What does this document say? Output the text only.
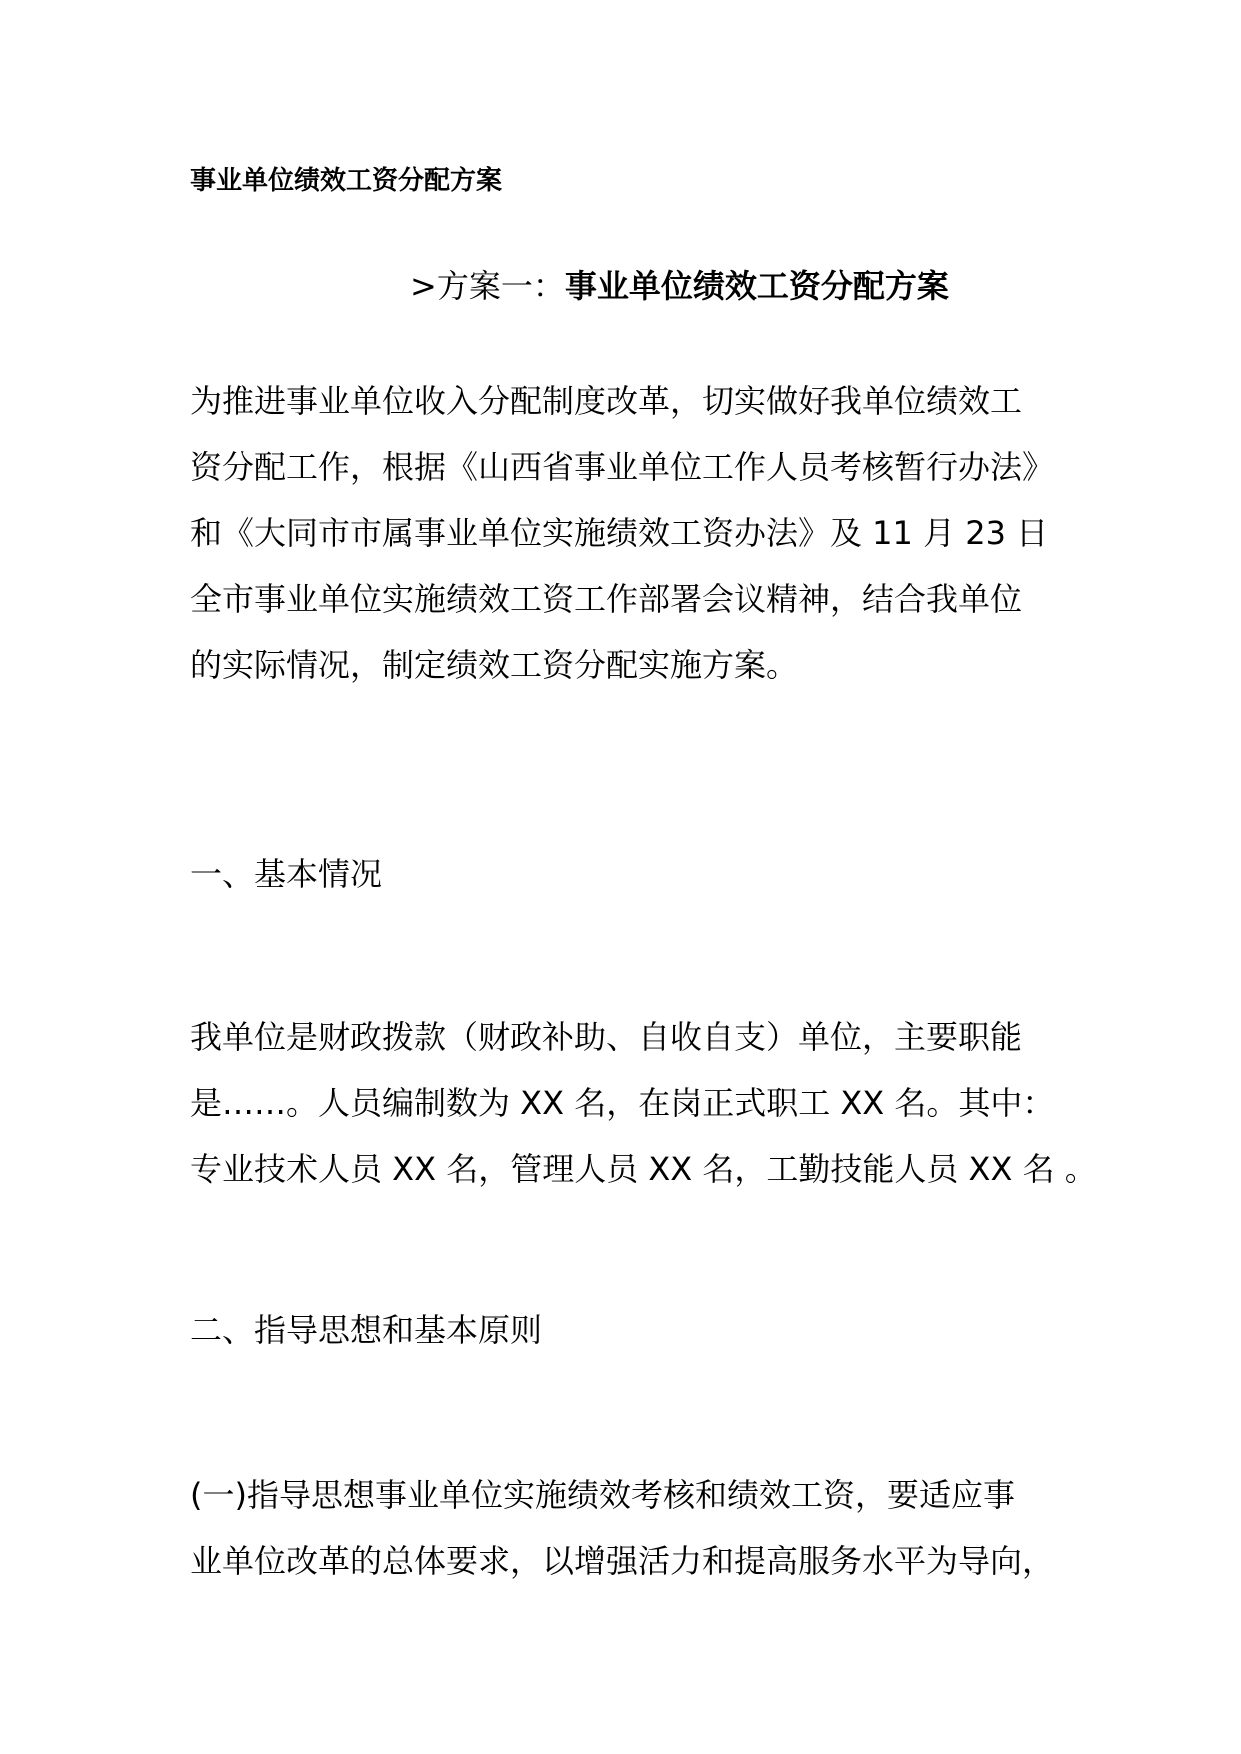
事业单位绩效工资分配方案
>方案一：事业单位绩效工资分配方案
为推进事业单位收入分配制度改革，切实做好我单位绩效工
资分配工作，根据《山西省事业单位工作人员考核暂行办法》
和《大同市市属事业单位实施绩效工资办法》及 11 月 23 日
全市事业单位实施绩效工资工作部署会议精神，结合我单位
的实际情况，制定绩效工资分配实施方案。
一、基本情况
我单位是财政拨款（财政补助、自收自支）单位，主要职能
是……。人员编制数为 XX 名，在岗正式职工 XX 名。其中：
专业技术人员 XX 名，管理人员 XX 名，工勤技能人员 XX 名 。
二、指导思想和基本原则
(一)指导思想事业单位实施绩效考核和绩效工资，要适应事
业单位改革的总体要求，以增强活力和提高服务水平为导向，
